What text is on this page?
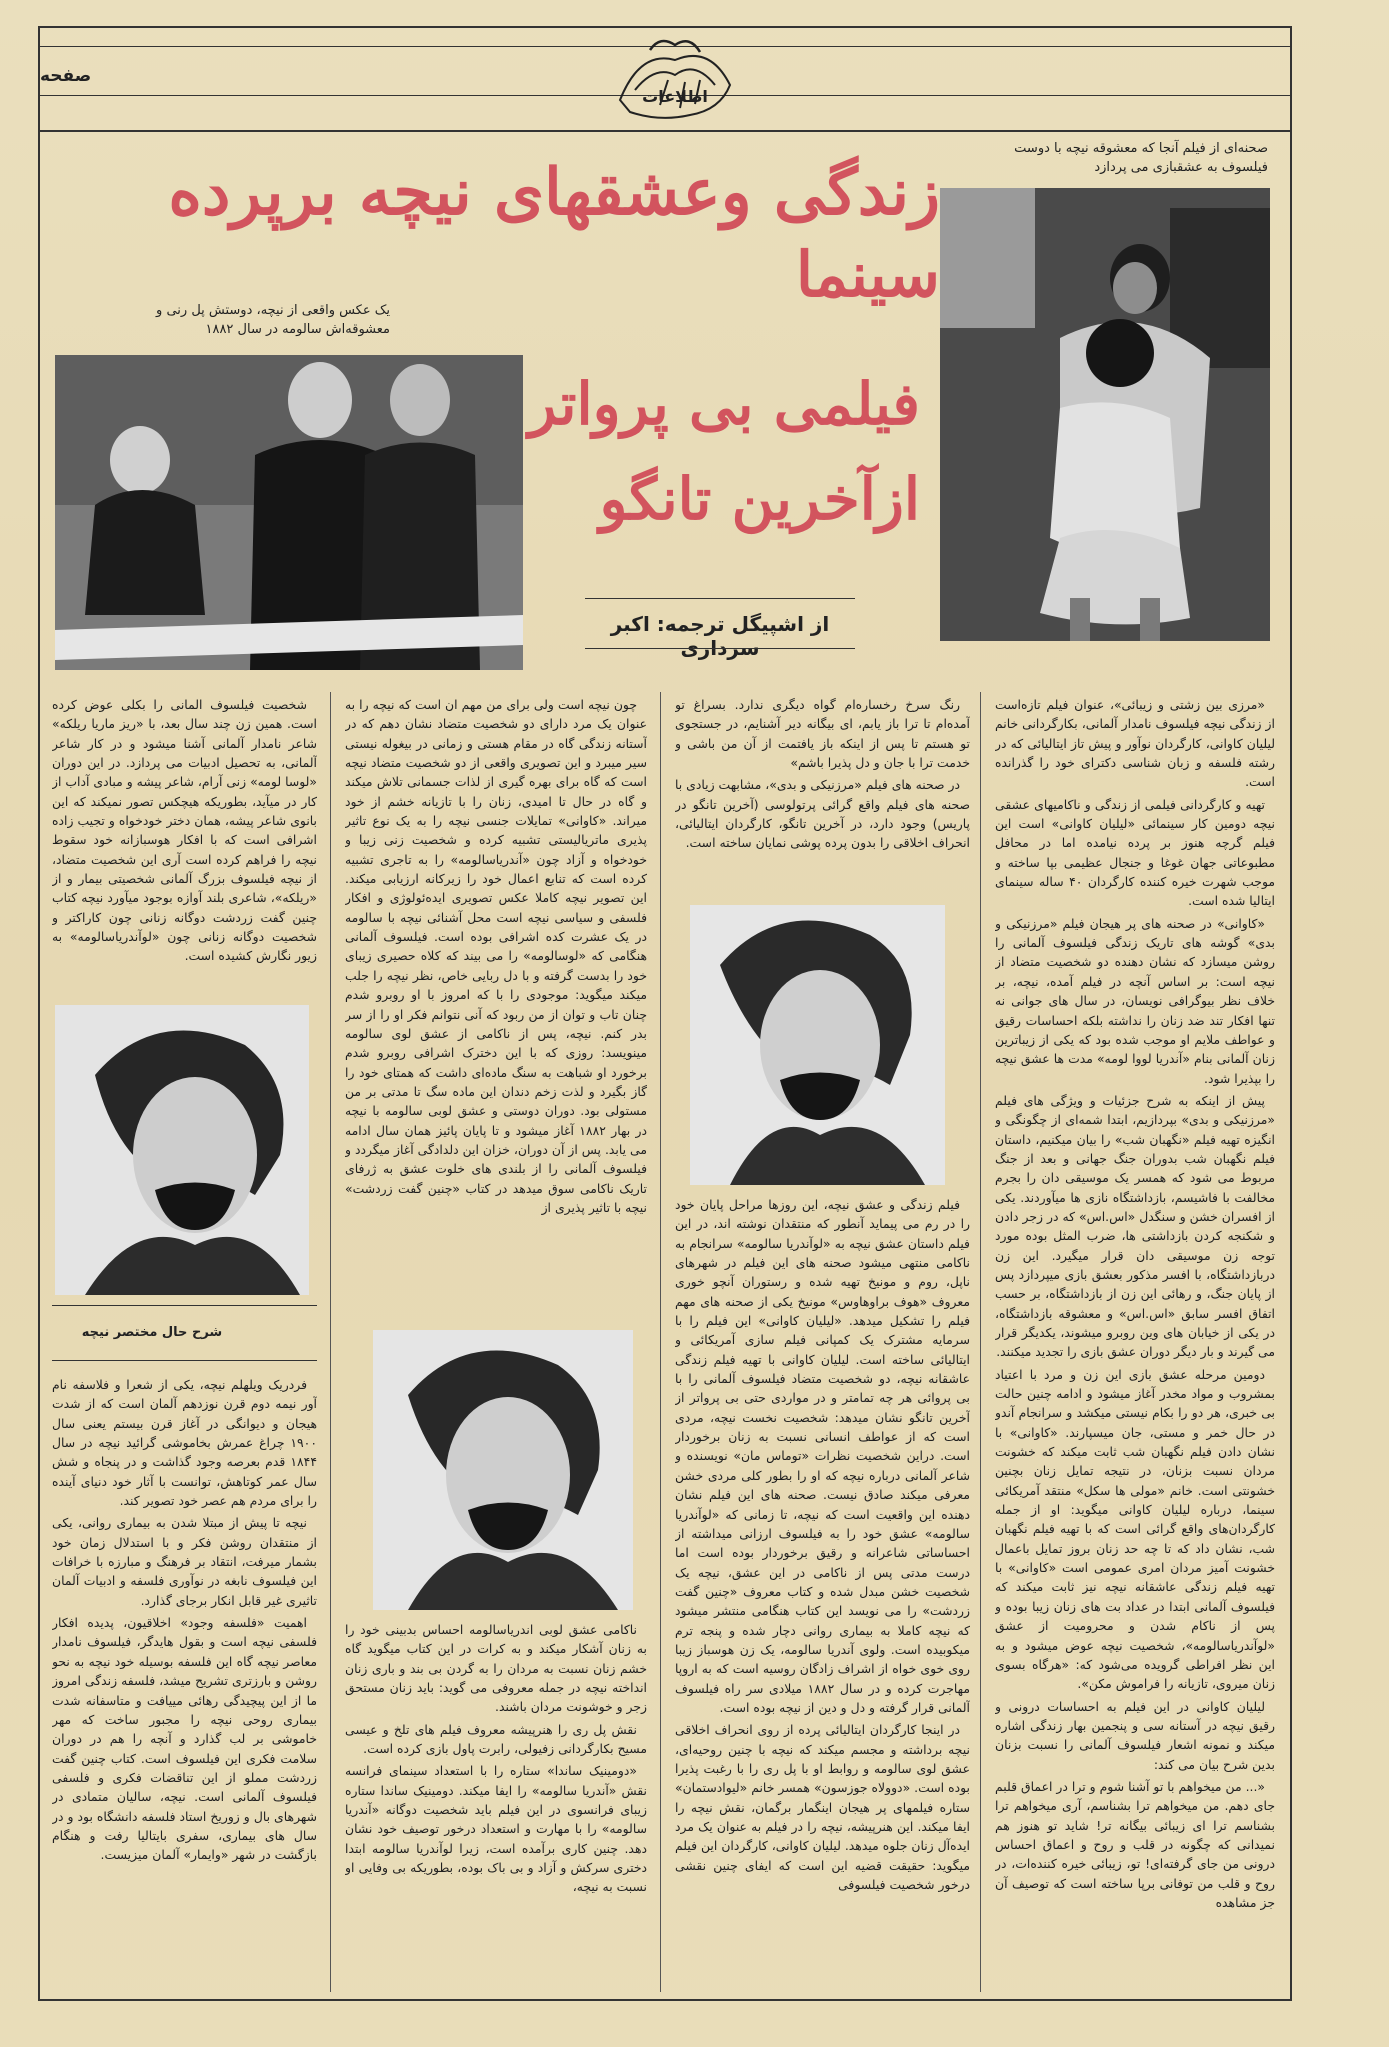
صفحه
اطلاعات
زندگی وعشقهای نیچه برپرده
سینما
فیلمی بی پرواتر
ازآخرین تانگو
از اشپیگل ترجمه: اکبر سرداری
صحنه‌ای از فیلم آنجا که معشوقه نیچه با دوست فیلسوف به عشقبازی می پردازد
یک عکس واقعی از نیچه، دوستش پل رنی و معشوقه‌اش سالومه در سال ۱۸۸۲

«مرزی بین زشتی و زیبائی»، عنوان فیلم تازه‌است از زندگی نیچه فیلسوف نامدار آلمانی، بکارگردانی خانم لیلیان کاوانی، کارگردان نوآور و پیش تاز ایتالیائی که در رشته فلسفه و زبان شناسی دکترای خود را گذرانده است.

تهیه و کارگردانی فیلمی از زندگی و ناکامیهای عشقی نیچه دومین کار سینمائی «لیلیان کاوانی» است این فیلم گرچه هنوز بر پرده نیامده اما در محافل مطبوعاتی جهان غوغا و جنجال عظیمی بپا ساخته و موجب شهرت خیره کننده کارگردان ۴۰ ساله سینمای ایتالیا شده است.

«کاوانی» در صحنه های پر هیجان فیلم «مرزنیکی و بدی» گوشه های تاریک زندگی فیلسوف آلمانی را روشن میسازد که نشان دهنده دو شخصیت متضاد از نیچه است: بر اساس آنچه در فیلم آمده، نیچه، بر خلاف نظر بیوگرافی نویسان، در سال های جوانی نه تنها افکار تند ضد زنان را نداشته بلکه احساسات رقیق و عواطف ملایم او موجب شده بود که یکی از زیباترین زنان آلمانی بنام «آندریا لووا لومه» مدت ها عشق نیچه را بپذیرا شود.

پیش از اینکه به شرح جزئیات و ویژگی های فیلم «مرزنیکی و بدی» بپردازیم، ابتدا شمه‌ای از چگونگی و انگیزه تهیه فیلم «نگهبان شب» را بیان میکنیم، داستان فیلم نگهبان شب بدوران جنگ جهانی و بعد از جنگ مربوط می شود که همسر یک موسیقی دان را بجرم مخالفت با فاشیسم، بازداشتگاه نازی ها میآوردند. یکی از افسران خشن و سنگدل «اس.اس» که در زجر دادن و شکنجه کردن بازداشتی ها، ضرب المثل بوده مورد توجه زن موسیقی دان قرار میگیرد. این زن دربازداشتگاه، با افسر مذکور بعشق بازی میپردازد پس از پایان جنگ، و رهائی این زن از بازداشتگاه، بر حسب اتفاق افسر سابق «اس.اس» و معشوقه بازداشتگاه، در یکی از خیابان های وین روبرو میشوند، یکدیگر قرار می گیرند و بار دیگر دوران عشق بازی را تجدید میکنند.

دومین مرحله عشق بازی این زن و مرد با اعتیاد بمشروب و مواد مخدر آغاز میشود و ادامه چنین حالت بی خبری، هر دو را بکام نیستی میکشد و سرانجام آندو در حال خمر و مستی، جان میسپارند. «کاوانی» با نشان دادن فیلم نگهبان شب ثابت میکند که خشونت مردان نسبت بزنان، در نتیجه تمایل زنان بچنین خشونتی است. خانم «مولی ها سکل» منتقد آمریکائی سینما، درباره لیلیان کاوانی میگوید: او از جمله کارگردان‌های واقع گرائی است که با تهیه فیلم نگهبان شب، نشان داد که تا چه حد زنان بروز تمایل باعمال خشونت آمیز مردان امری عمومی است «کاوانی» با تهیه فیلم زندگی عاشقانه نیچه نیز ثابت میکند که فیلسوف آلمانی ابتدا در عداد بت های زنان زیبا بوده و پس از ناکام شدن و محرومیت از عشق «لوآندریاسالومه»، شخصیت نیچه عوض میشود و به این نظر افراطی گرویده‌ می‌شود که: «هرگاه بسوی زنان میروی، تازیانه را فراموش مکن».

لیلیان کاوانی در این فیلم به احساسات درونی و رقیق نیچه در آستانه سی و پنجمین بهار زندگی اشاره میکند و نمونه اشعار فیلسوف آلمانی را نسبت بزنان بدین شرح بیان می کند:

«... من میخواهم با تو آشنا شوم و ترا در اعماق قلبم جای دهم. من میخواهم ترا بشناسم، آری میخواهم ترا بشناسم ترا ای زیبائی بیگانه تر! شاید تو هنوز هم نمیدانی که چگونه در قلب و روح و اعماق احساس درونی من جای گرفته‌ای! تو، زیبائی خیره کننده‌ات، در روح و قلب من توفانی برپا ساخته است که توصیف آن جز مشاهده

رنگ سرخ رخساره‌ام گواه دیگری ندارد. بسراغ تو آمده‌ام تا ترا باز یابم، ای بیگانه دیر آشنایم، در جستجوی تو هستم تا پس از اینکه باز یافتمت از آن من باشی و خدمت ترا با جان و دل پذیرا باشم»

در صحنه های فیلم «مرزنیکی و بدی»، مشابهت زیادی با صحنه های فیلم واقع گرائی پرتولوسی (آخرین تانگو در پاریس) وجود دارد، در آخرین تانگو، کارگردان ایتالیائی، انحراف اخلاقی را بدون پرده پوشی نمایان ساخته است.

فیلم زندگی و عشق نیچه، این روزها مراحل پایان خود را در رم می پیماید آنطور که منتقدان نوشته اند، در این فیلم داستان عشق نیچه به «لوآندریا سالومه» سرانجام به ناکامی منتهی میشود صحنه های این فیلم در شهرهای ناپل، روم و مونیخ تهیه شده و رستوران آنچو خوری معروف «هوف براوهاوس» مونیخ یکی از صحنه های مهم فیلم را تشکیل میدهد. «لیلیان کاوانی» این فیلم را با سرمایه مشترک یک کمپانی فیلم سازی آمریکائی و ایتالیائی ساخته است. لیلیان کاوانی با تهیه فیلم زندگی عاشقانه نیچه، دو شخصیت متضاد فیلسوف آلمانی را با بی پروائی هر چه تمامتر و در مواردی حتی بی پرواتر از آخرین تانگو نشان میدهد: شخصیت نخست نیچه، مردی است که از عواطف انسانی نسبت به زنان برخوردار است. دراین شخصیت نظرات «توماس مان» نویسنده و شاعر آلمانی درباره نیچه که او را بطور کلی مردی خشن معرفی میکند صادق نیست. صحنه های این فیلم نشان دهنده این واقعیت است که نیچه، تا زمانی که «لوآندریا سالومه» عشق خود را به فیلسوف ارزانی میداشته از احساساتی شاعرانه و رقیق برخوردار بوده است اما درست مدتی پس از ناکامی در این عشق، نیچه یک شخصیت خشن مبدل شده و کتاب معروف «چنین گفت زردشت» را می نویسد این کتاب هنگامی منتشر میشود که نیچه کاملا به بیماری روانی دچار شده و پنجه ترم میکوبیده است. ولوی آندریا سالومه، یک زن هوسباز زیبا روی خوی خواه از اشراف زادگان روسیه است که به اروپا مهاجرت کرده و در سال ۱۸۸۲ میلادی سر راه فیلسوف آلمانی قرار گرفته و دل و دین از نیچه بوده است.

در اینجا کارگردان ایتالیائی پرده از روی انحراف اخلاقی نیچه برداشته و مجسم میکند که نیچه با چنین روحیه‌ای، عشق لوی سالومه و روابط او با پل ری را با رغبت پذیرا بوده است. «دوولاه جوزسون» همسر خانم «لیوادستمان» ستاره فیلمهای پر هیجان اینگمار برگمان، نقش نیچه را ایفا میکند. این هنرپیشه، نیچه را در فیلم به عنوان یک مرد ایده‌آل زنان جلوه میدهد. لیلیان کاوانی، کارگردان این فیلم میگوید: حقیقت قضیه این است که ایفای چنین نقشی درخور شخصیت فیلسوفی

چون نیچه است ولی برای من مهم ان است که نیچه را به عنوان یک مرد دارای دو شخصیت متضاد نشان دهم که در آستانه زندگی گاه در مقام هستی و زمانی در بیغوله نیستی سیر میبرد و این تصویری واقعی از دو شخصیت متضاد نیچه است که گاه برای بهره گیری از لذات جسمانی تلاش میکند و گاه در حال تا امیدی، زنان را با تازیانه خشم از خود میراند. «کاوانی» تمایلات جنسی نیچه را به یک نوع تاثیر پذیری ماتریالیستی تشبیه کرده و شخصیت زنی زیبا و خودخواه و آزاد چون «آندریاسالومه» را به تاجری تشبیه کرده است که تنابع اعمال خود را زیرکانه ارزیابی میکند. این تصویر نیچه کاملا عکس تصویری ایده‌ئولوژی و افکار فلسفی و سیاسی نیچه است محل آشنائی نیچه با سالومه در یک عشرت کده اشرافی بوده است. فیلسوف آلمانی هنگامی که «لوسالومه» را می بیند که کلاه حصیری زیبای خود را بدست گرفته و با دل ربایی خاص، نظر نیچه را جلب میکند میگوید: موجودی را با که امروز با او روبرو شدم چنان تاب و توان از من ربود که آنی نتوانم فکر او را از سر بدر کنم. نیچه، پس از ناکامی از عشق لوی سالومه مینویسد: روزی که با این دخترک اشرافی روبرو شدم برخورد او شباهت به سنگ ماده‌ای داشت که همتای خود را گاز بگیرد و لذت زخم دندان این ماده سگ تا مدتی بر من مستولی بود. دوران دوستی و عشق لوبی سالومه با نیچه در بهار ۱۸۸۲ آغاز میشود و تا پایان پائیز همان سال ادامه می یابد. پس از آن دوران، خزان این دلدادگی آغاز میگردد و فیلسوف آلمانی را از بلندی های خلوت عشق به ژرفای تاریک ناکامی سوق میدهد در کتاب «چنین گفت زردشت» نیچه با تاثیر پذیری از

ناکامی عشق لوبی اندریاسالومه احساس بدبینی خود را به زنان آشکار میکند و به کرات در این کتاب میگوید گاه خشم زنان نسبت به مردان را به گردن بی بند و باری زنان انداخته نیچه در جمله معروفی می گوید: باید زنان مستحق زجر و خوشونت مردان باشند.

نقش پل ری را هنرپیشه معروف فیلم های تلخ و عیسی مسیح بکارگردانی زفیولی، رابرت پاول بازی کرده است.

«دومینیک ساندا» ستاره را با استعداد سینمای فرانسه نقش «آندریا سالومه» را ایفا میکند. دومینیک ساندا ستاره زیبای فرانسوی در این فیلم باید شخصیت دوگانه «آندریا سالومه» را با مهارت و استعداد درخور توصیف خود نشان دهد. چنین کاری برآمده است، زیرا لوآندریا سالومه ابتدا دختری سرکش و آزاد و بی باک بوده، بطوریکه بی وفایی او نسبت به نیچه،

شخصیت فیلسوف المانی را بکلی عوض کرده است. همین زن چند سال بعد، با «ریز ماریا ریلکه» شاعر نامدار آلمانی آشنا میشود و در کار شاعر آلمانی، به تحصیل ادبیات می پردازد. در این دوران «لوسا لومه» زنی آرام، شاعر پیشه و مبادی آداب از کار در میآید، بطوریکه هیچکس تصور نمیکند که این بانوی شاعر پیشه، همان دختر خودخواه و تجیب زاده اشرافی است که با افکار هوسبازانه خود سقوط نیچه را فراهم کرده است آری این شخصیت متضاد، از نیچه فیلسوف بزرگ آلمانی شخصیتی بیمار و از «ریلکه»، شاعری بلند آوازه بوجود میآورد نیچه کتاب چنین گفت زردشت دوگانه زنانی چون کاراکتر و شخصیت دوگانه زنانی چون «لوآندریاسالومه» به زیور نگارش کشیده است.

شرح حال مختصر نیچه

فردریک ویلهلم نیچه، یکی از شعرا و فلاسفه نام آور نیمه دوم قرن نوزدهم آلمان است که از شدت هیجان و دیوانگی در آغاز قرن بیستم یعنی سال ۱۹۰۰ چراغ عمرش بخاموشی گرائید نیچه در سال ۱۸۴۴ قدم بعرصه وجود گذاشت و در پنجاه و شش سال عمر کوتاهش، توانست با آثار خود دنیای آینده را برای مردم هم عصر خود تصویر کند.

نیچه تا پیش از مبتلا شدن به بیماری روانی، یکی از منتقدان روشن فکر و با استدلال زمان خود بشمار میرفت، انتقاد بر فرهنگ و مبارزه با خرافات این فیلسوف نابغه در نوآوری فلسفه و ادبیات آلمان تاثیری غیر قابل انکار برجای گذارد.

اهمیت «فلسفه وجود» اخلاقیون، پدیده افکار فلسفی نیچه است و بقول هایدگر، فیلسوف نامدار معاصر نیچه گاه این فلسفه بوسیله خود نیچه به نحو روشن و بارزتری تشریح میشد، فلسفه زندگی امروز ما از این پیچیدگی رهائی مییافت و متاسفانه شدت بیماری روحی نیچه را مجبور ساخت که مهر خاموشی بر لب گذارد و آنچه را هم در دوران سلامت فکری این فیلسوف است. کتاب چنین گفت زردشت مملو از این تناقضات فکری و فلسفی فیلسوف آلمانی است. نیچه، سالیان متمادی در شهرهای بال و زوریخ استاد فلسفه دانشگاه بود و در سال های بیماری، سفری بایتالیا رفت و هنگام بازگشت در شهر «وایمار» آلمان میزیست.
